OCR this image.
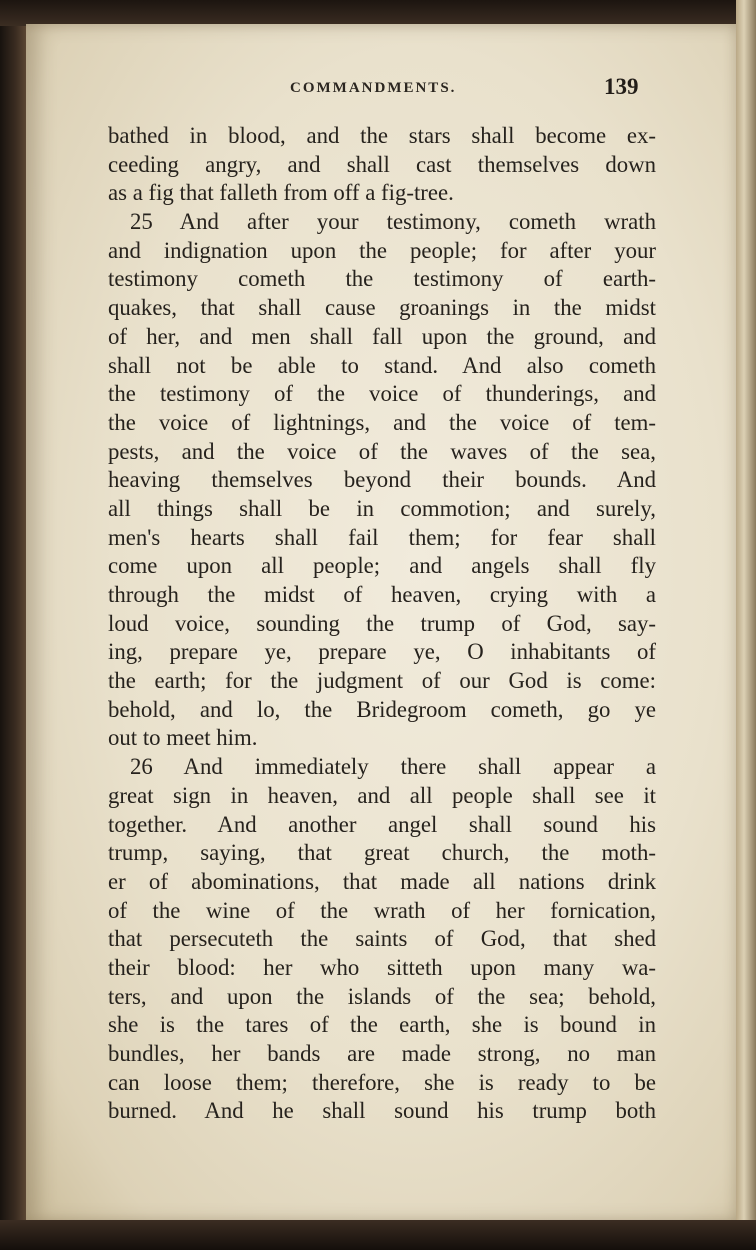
COMMANDMENTS.	139
bathed in blood, and the stars shall become ex-
ceeding angry, and shall cast themselves down
as a fig that falleth from off a fig-tree.
25 And after your testimony, cometh wrath
and indignation upon the people; for after your
testimony cometh the testimony of earth-
quakes, that shall cause groanings in the midst
of her, and men shall fall upon the ground, and
shall not be able to stand. And also cometh
the testimony of the voice of thunderings, and
the voice of lightnings, and the voice of tem-
pests, and the voice of the waves of the sea,
heaving themselves beyond their bounds. And
all things shall be in commotion; and surely,
men's hearts shall fail them; for fear shall
come upon all people; and angels shall fly
through the midst of heaven, crying with a
loud voice, sounding the trump of God, say-
ing, prepare ye, prepare ye, O inhabitants of
the earth; for the judgment of our God is come:
behold, and lo, the Bridegroom cometh, go ye
out to meet him.
26 And immediately there shall appear a
great sign in heaven, and all people shall see it
together. And another angel shall sound his
trump, saying, that great church, the moth-
er of abominations, that made all nations drink
of the wine of the wrath of her fornication,
that persecuteth the saints of God, that shed
their blood: her who sitteth upon many wa-
ters, and upon the islands of the sea; behold,
she is the tares of the earth, she is bound in
bundles, her bands are made strong, no man
can loose them; therefore, she is ready to be
burned. And he shall sound his trump both
